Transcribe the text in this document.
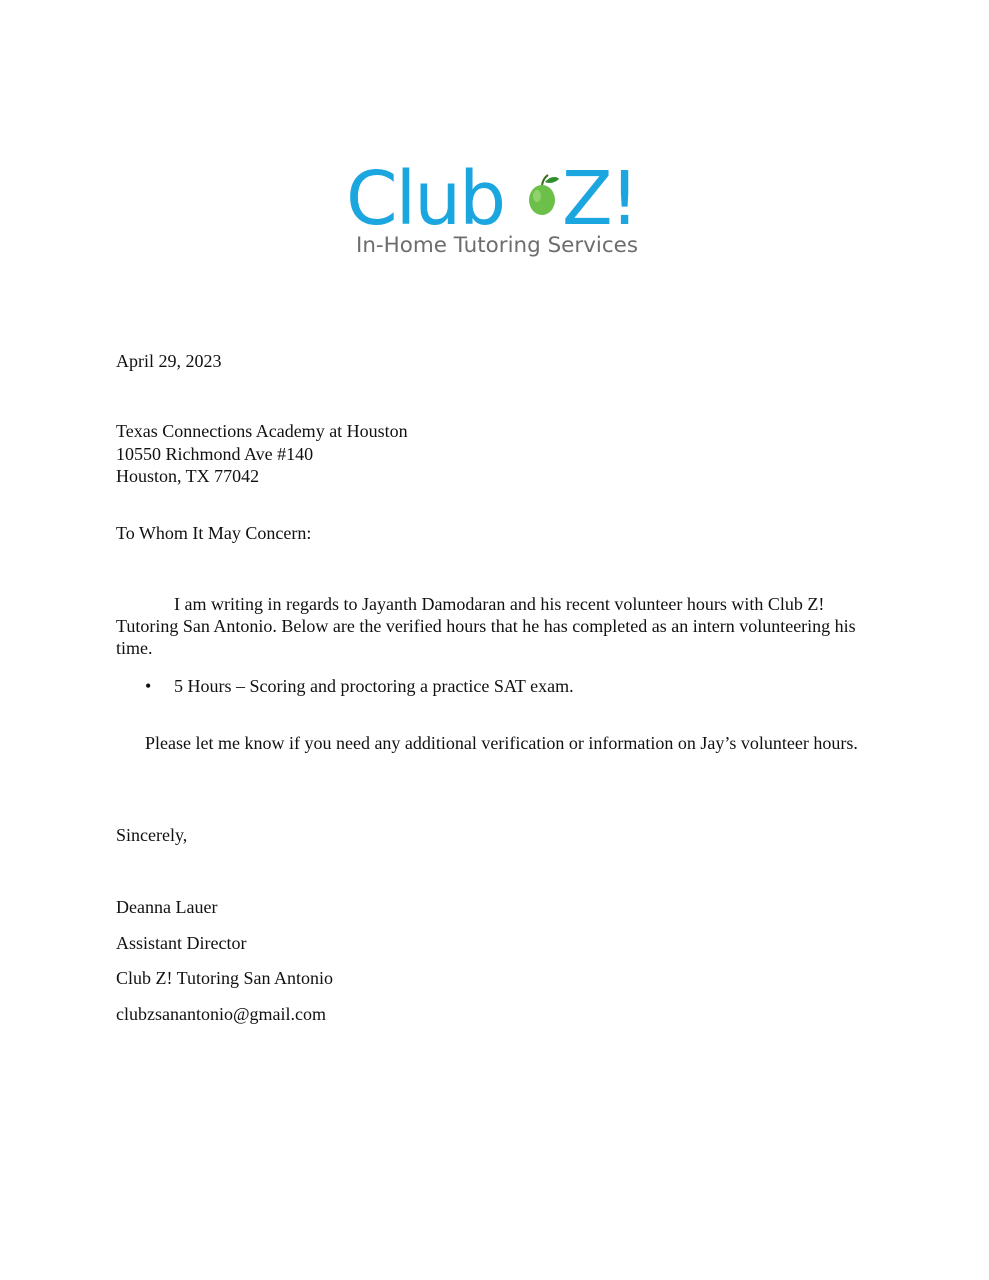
Club Z!
In-Home Tutoring Services
April 29, 2023
Texas Connections Academy at Houston
10550 Richmond Ave #140
Houston, TX 77042
To Whom It May Concern:
I am writing in regards to Jayanth Damodaran and his recent volunteer hours with Club Z! Tutoring San Antonio. Below are the verified hours that he has completed as an intern volunteering his time.
• 5 Hours – Scoring and proctoring a practice SAT exam.
Please let me know if you need any additional verification or information on Jay’s volunteer hours.
Sincerely,
Deanna Lauer
Assistant Director
Club Z! Tutoring San Antonio
clubzsanantonio@gmail.com
